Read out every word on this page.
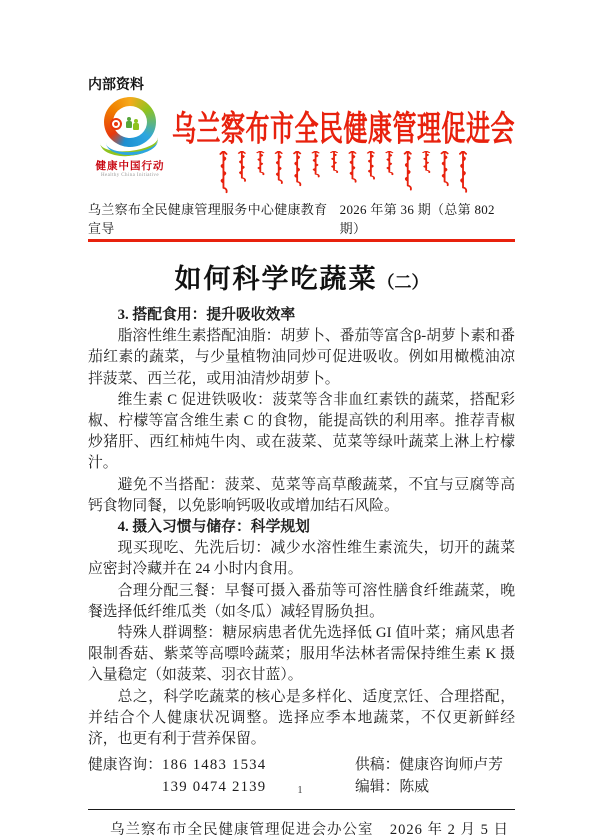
内部资料
健康中国行动
Healthy China Initiative
乌兰察布市全民健康管理促进会
乌兰察布全民健康管理服务中心健康教育宣导
2026 年第 36 期（总第 802 期）
如何科学吃蔬菜（二）

3. 搭配食用：提升吸收效率

脂溶性维生素搭配油脂：胡萝卜、番茄等富含β-胡萝卜素和番茄红素的蔬菜，与少量植物油同炒可促进吸收。例如用橄榄油凉拌菠菜、西兰花，或用油清炒胡萝卜。

维生素 C 促进铁吸收：菠菜等含非血红素铁的蔬菜，搭配彩椒、柠檬等富含维生素 C 的食物，能提高铁的利用率。推荐青椒炒猪肝、西红柿炖牛肉、或在菠菜、苋菜等绿叶蔬菜上淋上柠檬汁。

避免不当搭配：菠菜、苋菜等高草酸蔬菜，不宜与豆腐等高钙食物同餐，以免影响钙吸收或增加结石风险。

4. 摄入习惯与储存：科学规划

现买现吃、先洗后切：减少水溶性维生素流失，切开的蔬菜应密封冷藏并在 24 小时内食用。

合理分配三餐：早餐可摄入番茄等可溶性膳食纤维蔬菜，晚餐选择低纤维瓜类（如冬瓜）减轻胃肠负担。

特殊人群调整：糖尿病患者优先选择低 GI 值叶菜；痛风患者限制香菇、紫菜等高嘌呤蔬菜；服用华法林者需保持维生素 K 摄入量稳定（如菠菜、羽衣甘蓝）。

总之，科学吃蔬菜的核心是多样化、适度烹饪、合理搭配，并结合个人健康状况调整。选择应季本地蔬菜，不仅更新鲜经济，也更有利于营养保留。

健康咨询： 186 1483 1534
139 0474 2139
供稿：健康咨询师卢芳
编辑：陈威
乌兰察布市全民健康管理促进会办公室 2026 年 2 月 5 日
1
